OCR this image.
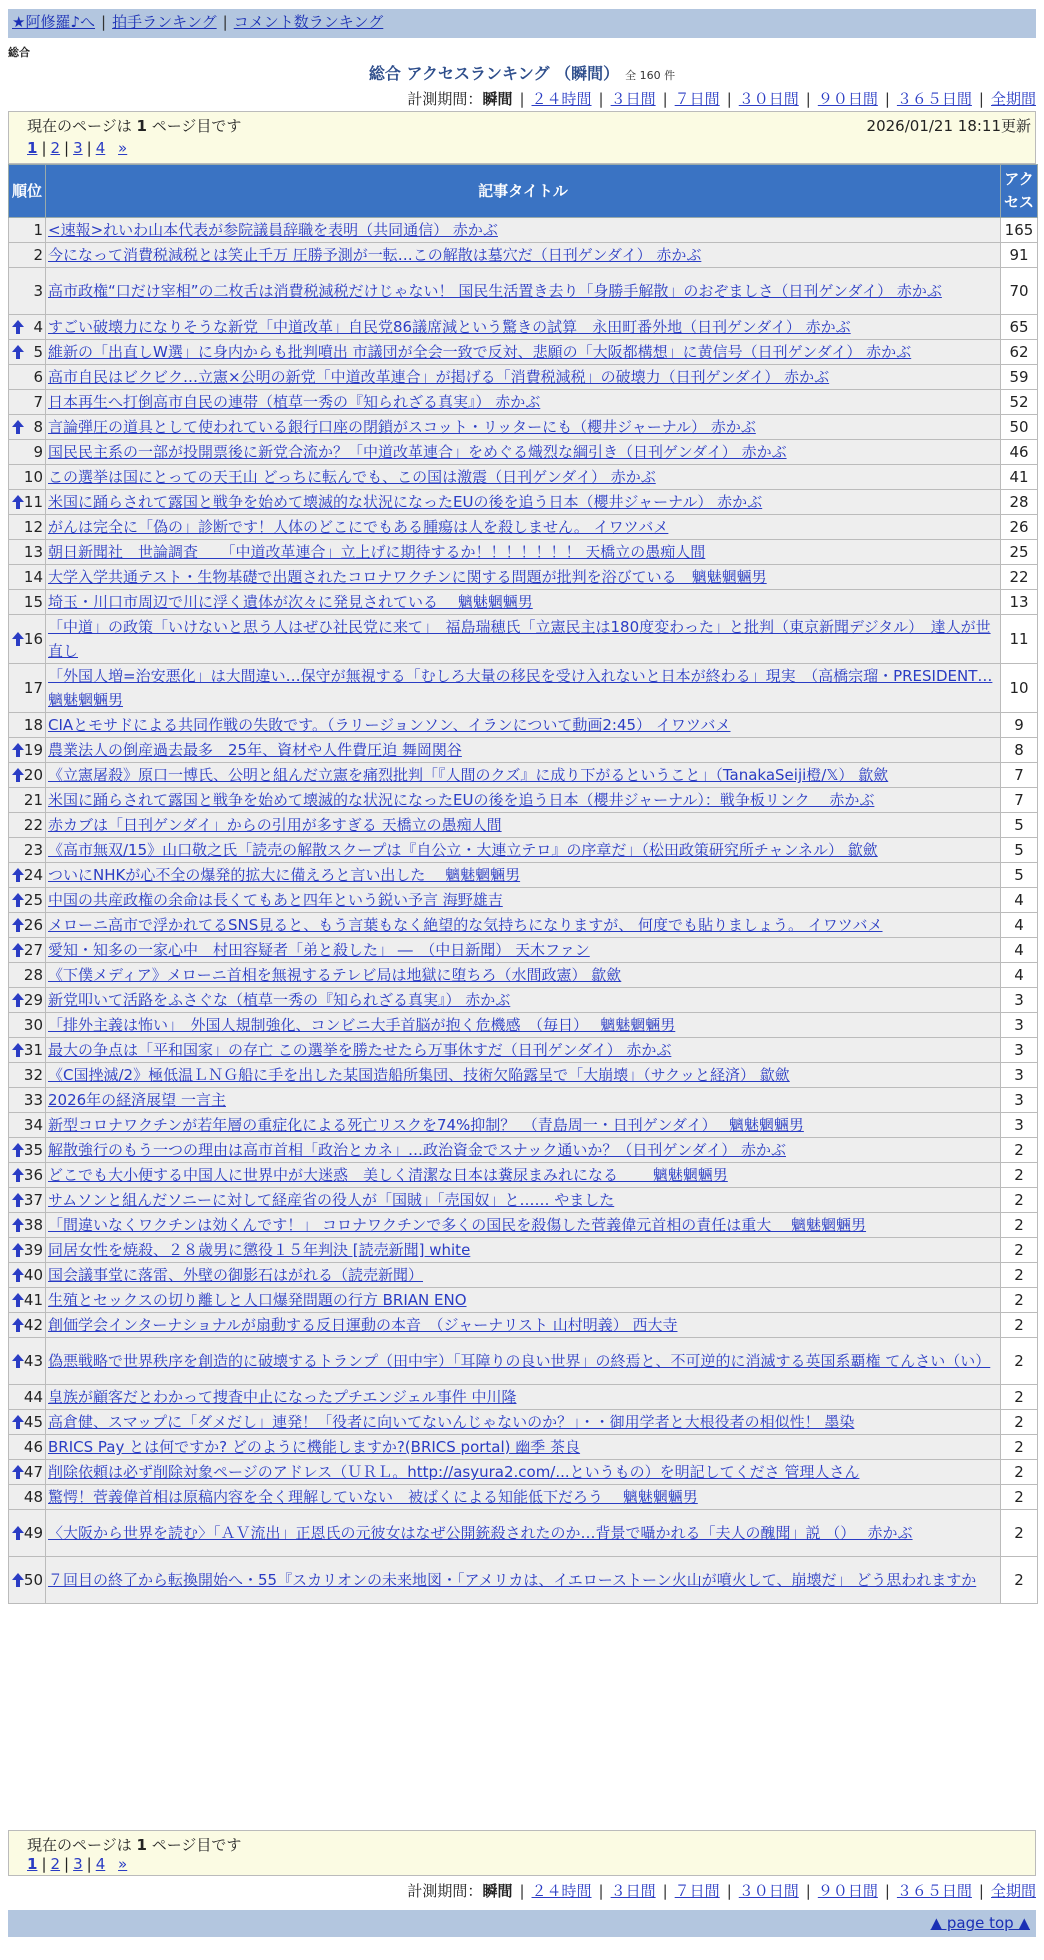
★阿修羅♪へ | 拍手ランキング | コメント数ランキング
総合
総合 アクセスランキング （瞬間） 全 160 件
計測期間：瞬間 | ２４時間 | ３日間 | ７日間 | ３０日間 | ９０日間 | ３６５日間 | 全期間
現在のページは 1 ページ目です	2026/01/21 18:11更新
1 | 2 | 3 | 4 »
順位	記事タイトル	アクセス
1	<速報>れいわ山本代表が参院議員辞職を表明（共同通信） 赤かぶ	165
2	今になって消費税減税とは笑止千万 圧勝予測が一転…この解散は墓穴だ（日刊ゲンダイ） 赤かぶ	91
3	高市政権“口だけ宰相”の二枚舌は消費税減税だけじゃない！ 国民生活置き去り「身勝手解散」のおぞましさ（日刊ゲンダイ） 赤かぶ	70

4	すごい破壊力になりそうな新党「中道改革」自民党86議席減という驚きの試算　永田町番外地（日刊ゲンダイ） 赤かぶ	65

5	維新の「出直しW選」に身内からも批判噴出 市議団が全会一致で反対、悲願の「大阪都構想」に黄信号（日刊ゲンダイ） 赤かぶ	62
6	高市自民はビクビク…立憲×公明の新党「中道改革連合」が掲げる「消費税減税」の破壊力（日刊ゲンダイ） 赤かぶ	59
7	日本再生へ打倒高市自民の連帯（植草一秀の『知られざる真実』） 赤かぶ	52

8	言論弾圧の道具として使われている銀行口座の閉鎖がスコット・リッターにも（櫻井ジャーナル） 赤かぶ	50
9	国民民主系の一部が投開票後に新党合流か？「中道改革連合」をめぐる熾烈な綱引き（日刊ゲンダイ） 赤かぶ	46
10	この選挙は国にとっての天王山 どっちに転んでも、この国は激震（日刊ゲンダイ） 赤かぶ	41

11	米国に踊らされて露国と戦争を始めて壊滅的な状況になったEUの後を追う日本（櫻井ジャーナル） 赤かぶ	28
12	がんは完全に「偽の」診断です！人体のどこにでもある腫瘍は人を殺しません。 イワツバメ	26
13	朝日新聞社　世論調査　　「中道改革連合」立上げに期待するか！！！！！！！ 天橋立の愚痴人間	25
14	大学入学共通テスト・生物基礎で出題されたコロナワクチンに関する問題が批判を浴びている　魑魅魍魎男	22
15	埼玉・川口市周辺で川に浮く遺体が次々に発見されている　 魑魅魍魎男	13

16	「中道」の政策「いけないと思う人はぜひ社民党に来て」　福島瑞穂氏「立憲民主は180度変わった」と批判（東京新聞デジタル）　達人が世直し	11
17	「外国人増=治安悪化」は大間違い…保守が無視する「むしろ大量の移民を受け入れないと日本が終わる」現実　（高橋宗瑠・PRESIDENT… 魑魅魍魎男	10
18	CIAとモサドによる共同作戦の失敗です。（ラリージョンソン、イランについて動画2:45） イワツバメ	9

19	農業法人の倒産過去最多　25年、資材や人件費圧迫 舞岡関谷	8

20	《立憲屠殺》原口一博氏、公明と組んだ立憲を痛烈批判「『人間のクズ』に成り下がるということ」（TanakaSeiji橙/𝕏） 歙歛	7
21	米国に踊らされて露国と戦争を始めて壊滅的な状況になったEUの後を追う日本（櫻井ジャーナル）：戦争板リンク　 赤かぶ	7
22	赤カブは「日刊ゲンダイ」からの引用が多すぎる 天橋立の愚痴人間	5
23	《高市無双/15》山口敬之氏「読売の解散スクープは『自公立・大連立テロ』の序章だ」（松田政策研究所チャンネル） 歙歛	5

24	ついにNHKが心不全の爆発的拡大に備えろと言い出した　 魑魅魍魎男	5

25	中国の共産政権の余命は長くてもあと四年という鋭い予言 海野雄吉	4

26	メローニ高市で浮かれてるSNS見ると、もう言葉もなく絶望的な気持ちになりますが、 何度でも貼りましょう。 イワツバメ	4

27	愛知・知多の一家心中　村田容疑者「弟と殺した」 ―　（中日新聞） 天木ファン	4
28	《下僕メディア》メローニ首相を無視するテレビ局は地獄に堕ちろ（水間政憲） 歙歛	4

29	新党叩いて活路をふさぐな（植草一秀の『知られざる真実』） 赤かぶ	3
30	「排外主義は怖い」　外国人規制強化、コンビニ大手首脳が抱く危機感　（毎日）　 魑魅魍魎男	3

31	最大の争点は「平和国家」の存亡 この選挙を勝たせたら万事休すだ（日刊ゲンダイ） 赤かぶ	3
32	《C国挫滅/2》極低温ＬＮＧ船に手を出した某国造船所集団、技術欠陥露呈で「大崩壊」（サクッと経済） 歙歛	3
33	2026年の経済展望 一言主	3
34	新型コロナワクチンが若年層の重症化による死亡リスクを74%抑制？　（青島周一・日刊ゲンダイ）　 魑魅魍魎男	3

35	解散強行のもう一つの理由は高市首相「政治とカネ」…政治資金でスナック通いか？（日刊ゲンダイ） 赤かぶ	2

36	どこでも大小便する中国人に世界中が大迷惑　美しく清潔な日本は糞尿まみれになる　　 魑魅魍魎男	2

37	サムソンと組んだソニーに対して経産省の役人が「国賊」「売国奴」と…… やました	2

38	「間違いなくワクチンは効くんです！」 コロナワクチンで多くの国民を殺傷した菅義偉元首相の責任は重大　 魑魅魍魎男	2

39	同居女性を焼殺、２８歳男に懲役１５年判決 [読売新聞] white	2

40	国会議事堂に落雷、外壁の御影石はがれる（読売新聞）	2

41	生殖とセックスの切り離しと人口爆発問題の行方 BRIAN ENO	2

42	創価学会インターナショナルが扇動する反日運動の本音　（ジャーナリスト 山村明義） 西大寺	2

43	偽悪戦略で世界秩序を創造的に破壊するトランプ（田中宇）「耳障りの良い世界」の終焉と、不可逆的に消滅する英国系覇権 てんさい（い）	2
44	皇族が顧客だとわかって捜査中止になったプチエンジェル事件 中川隆	2

45	高倉健、スマップに「ダメだし」連発！「役者に向いてないんじゃないのか？」・・御用学者と大根役者の相似性！ 墨染	2
46	BRICS Pay とは何ですか? どのように機能しますか?(BRICS portal) 幽季 茶良	2

47	削除依頼は必ず削除対象ページのアドレス（ＵＲＬ。http://asyura2.com/...というもの）を明記してくださ 管理人さん	2
48	驚愕！菅義偉首相は原稿内容を全く理解していない　被ばくによる知能低下だろう　 魑魅魍魎男	2

49	〈大阪から世界を読む〉「ＡＶ流出」正恩氏の元彼女はなぜ公開銃殺されたのか…背景で囁かれる「夫人の醜聞」説 （）　 赤かぶ	2

50	７回目の終了から転換開始へ・55『スカリオンの未来地図・「アメリカは、イエローストーン火山が噴火して、崩壊だ」 どう思われますか	2
現在のページは 1 ページ目です
1 | 2 | 3 | 4 »
計測期間：瞬間 | ２４時間 | ３日間 | ７日間 | ３０日間 | ９０日間 | ３６５日間 | 全期間
▲ page top ▲
